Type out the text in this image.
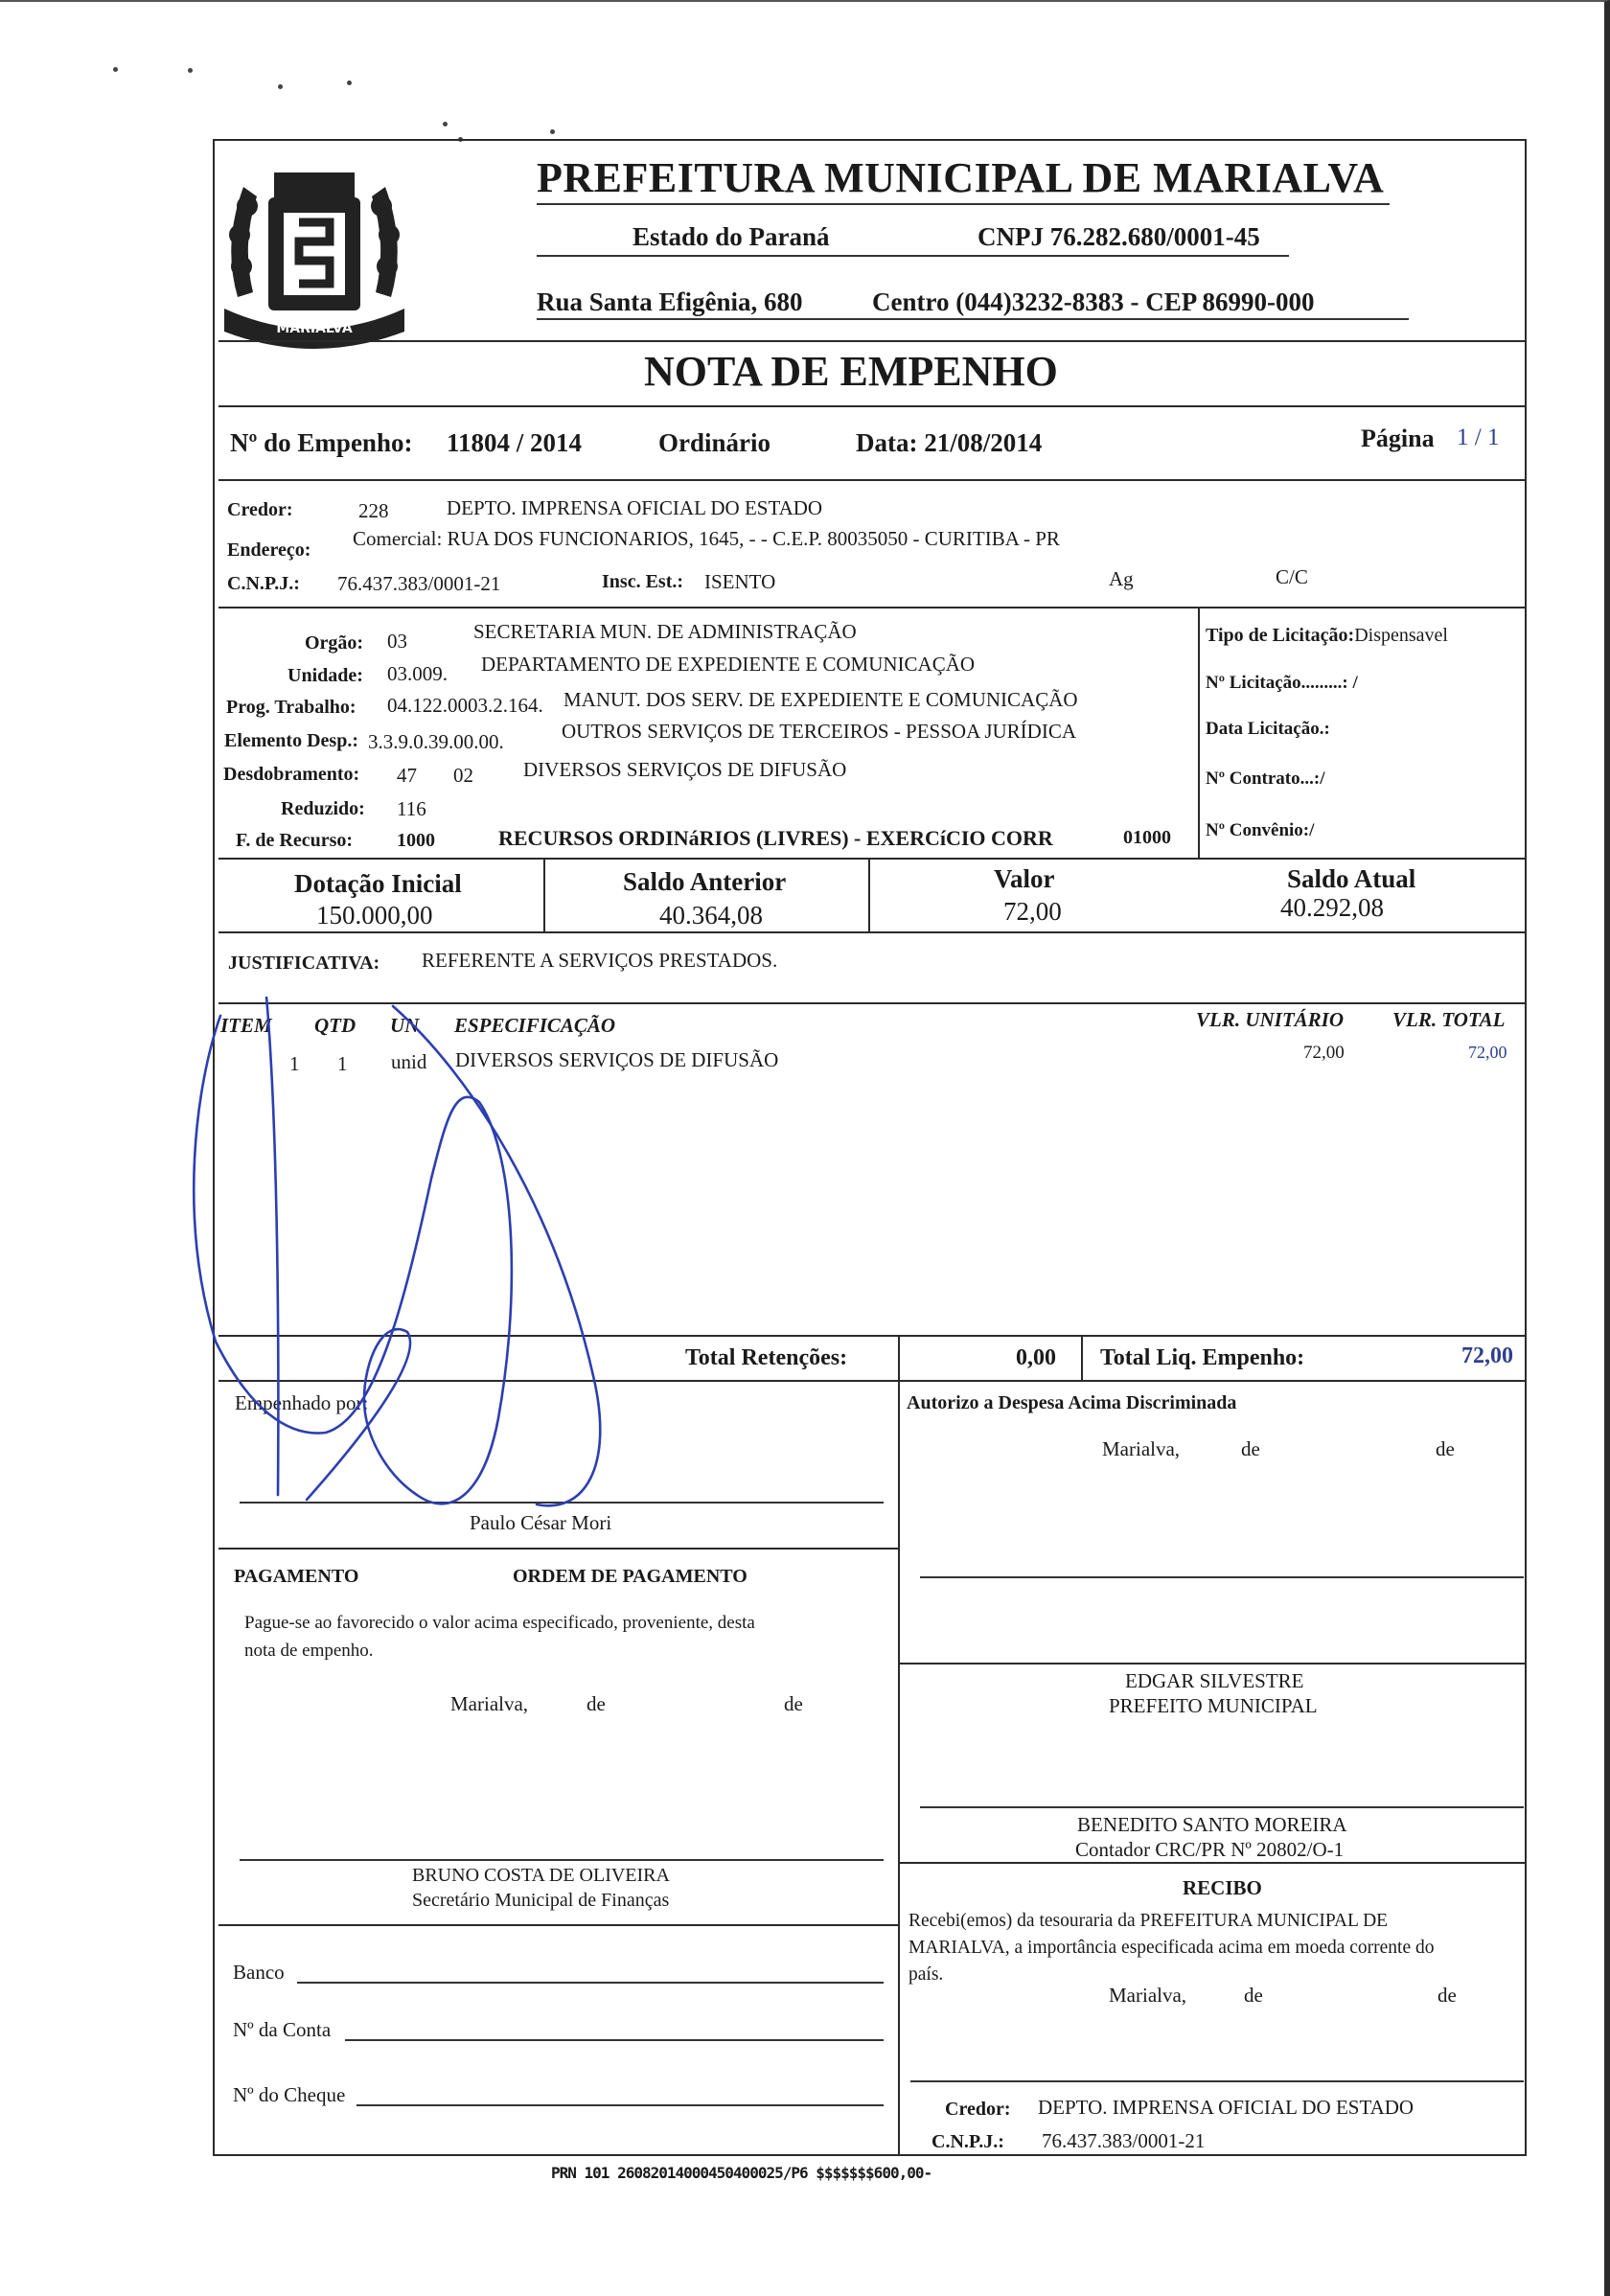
MARIALVA
PREFEITURA MUNICIPAL DE MARIALVA
Estado do Paraná	CNPJ 76.282.680/0001-45
Rua Santa Efigênia, 680	Centro (044)3232-8383 - CEP 86990-000
NOTA DE EMPENHO
Nº do Empenho: 11804 / 2014	Ordinário	Data: 21/08/2014	Página 1 / 1
Credor:	228	DEPTO. IMPRENSA OFICIAL DO ESTADO
Endereço: Comercial: RUA DOS FUNCIONARIOS, 1645, - - C.E.P. 80035050 - CURITIBA - PR
C.N.P.J.: 76.437.383/0001-21	Insc. Est.: ISENTO	Ag	C/C
Orgão: 03	SECRETARIA MUN. DE ADMINISTRAÇÃO
Unidade: 03.009. DEPARTAMENTO DE EXPEDIENTE E COMUNICAÇÃO
Prog. Trabalho: 04.122.0003.2.164. MANUT. DOS SERV. DE EXPEDIENTE E COMUNICAÇÃO
Elemento Desp.: 3.3.9.0.39.00.00.	OUTROS SERVIÇOS DE TERCEIROS - PESSOA JURÍDICA
Desdobramento: 47 02 DIVERSOS SERVIÇOS DE DIFUSÃO
Reduzido: 116
F. de Recurso: 1000	RECURSOS ORDINáRIOS (LIVRES) - EXERCíCIO CORR	01000
Tipo de Licitação:Dispensavel
Nº Licitação.........: /
Data Licitação.:
Nº Contrato...:/
Nº Convênio:/
Dotação Inicial
150.000,00
Saldo Anterior
40.364,08
Valor
72,00
Saldo Atual
40.292,08
JUSTIFICATIVA: REFERENTE A SERVIÇOS PRESTADOS.
ITEM QTD UN ESPECIFICAÇÃO	VLR. UNITÁRIO VLR. TOTAL
1 1 unid DIVERSOS SERVIÇOS DE DIFUSÃO	72,00	72,00
Total Retenções:	0,00 Total Liq. Empenho:	72,00
Empenhado por:
Paulo César Mori
Autorizo a Despesa Acima Discriminada
Marialva,	de	de
PAGAMENTO	ORDEM DE PAGAMENTO
Pague-se ao favorecido o valor acima especificado, proveniente, desta
nota de empenho.
Marialva,	de	de
BRUNO COSTA DE OLIVEIRA
Secretário Municipal de Finanças
Banco
Nº da Conta
Nº do Cheque
EDGAR SILVESTRE
PREFEITO MUNICIPAL
BENEDITO SANTO MOREIRA
Contador CRC/PR Nº 20802/O-1
RECIBO
Recebi(emos) da tesouraria da PREFEITURA MUNICIPAL DE
MARIALVA, a importância especificada acima em moeda corrente do
país.
Marialva,	de	de
Credor: DEPTO. IMPRENSA OFICIAL DO ESTADO
C.N.P.J.: 76.437.383/0001-21
PRN 101 26082014000450400025/P6 $$$$$$$600,00-
